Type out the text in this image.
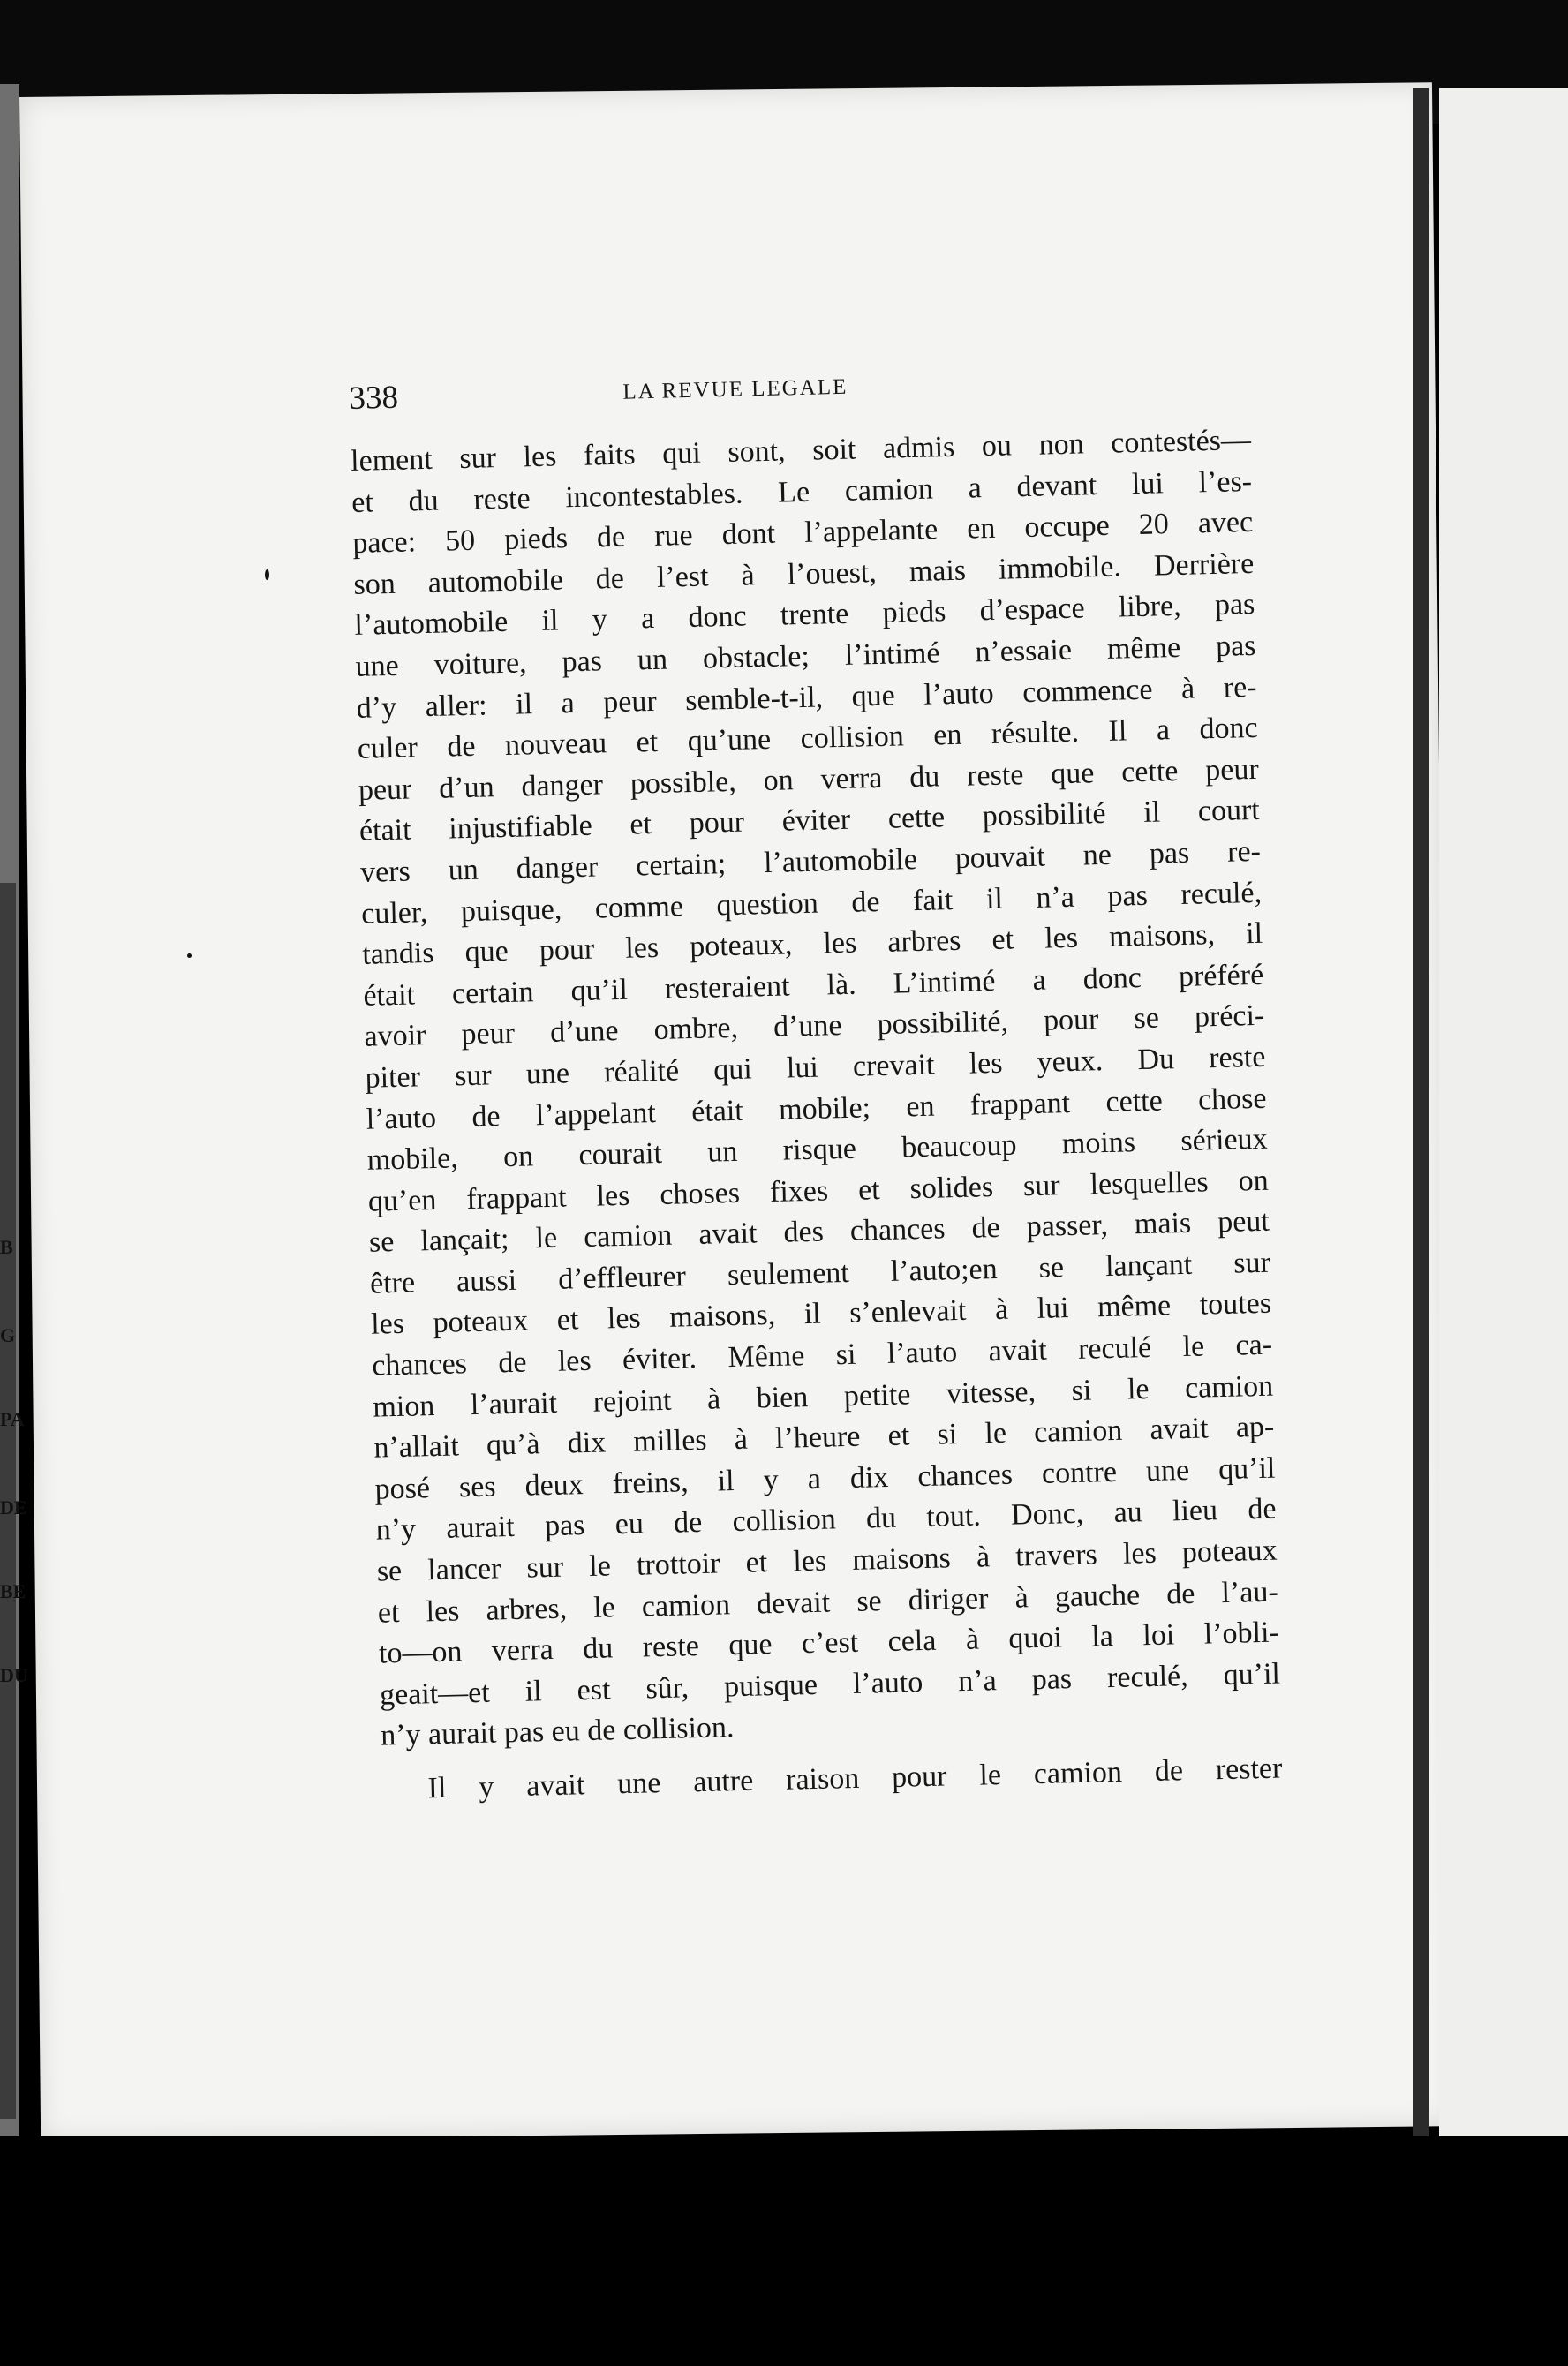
B
G
PA
DE
BE
DU
338	LA REVUE LEGALE
lement sur les faits qui sont, soit admis ou non contestés—
et du reste incontestables. Le camion a devant lui l’es-
pace: 50 pieds de rue dont l’appelante en occupe 20 avec
son automobile de l’est à l’ouest, mais immobile. Derrière
l’automobile il y a donc trente pieds d’espace libre, pas
une voiture, pas un obstacle; l’intimé n’essaie même pas
d’y aller: il a peur semble-t-il, que l’auto commence à re-
culer de nouveau et qu’une collision en résulte. Il a donc
peur d’un danger possible, on verra du reste que cette peur
était injustifiable et pour éviter cette possibilité il court
vers un danger certain; l’automobile pouvait ne pas re-
culer, puisque, comme question de fait il n’a pas reculé,
tandis que pour les poteaux, les arbres et les maisons, il
était certain qu’il resteraient là. L’intimé a donc préféré
avoir peur d’une ombre, d’une possibilité, pour se préci-
piter sur une réalité qui lui crevait les yeux. Du reste
l’auto de l’appelant était mobile; en frappant cette chose
mobile, on courait un risque beaucoup moins sérieux
qu’en frappant les choses fixes et solides sur lesquelles on
se lançait; le camion avait des chances de passer, mais peut
être aussi d’effleurer seulement l’auto;en se lançant sur
les poteaux et les maisons, il s’enlevait à lui même toutes
chances de les éviter. Même si l’auto avait reculé le ca-
mion l’aurait rejoint à bien petite vitesse, si le camion
n’allait qu’à dix milles à l’heure et si le camion avait ap-
posé ses deux freins, il y a dix chances contre une qu’il
n’y aurait pas eu de collision du tout. Donc, au lieu de
se lancer sur le trottoir et les maisons à travers les poteaux
et les arbres, le camion devait se diriger à gauche de l’au-
to—on verra du reste que c’est cela à quoi la loi l’obli-
geait—et il est sûr, puisque l’auto n’a pas reculé, qu’il
n’y aurait pas eu de collision.
Il y avait une autre raison pour le camion de rester
